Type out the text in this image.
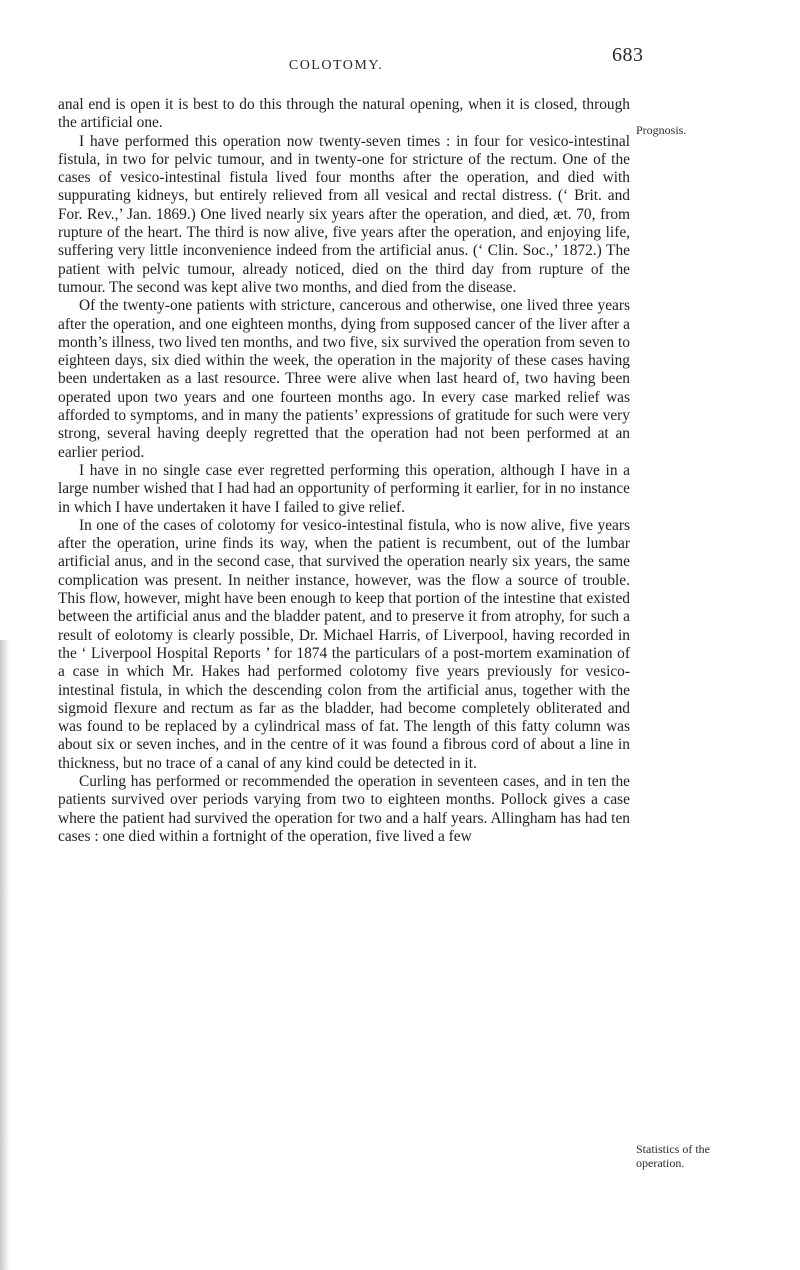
COLOTOMY.	683

anal end is open it is best to do this through the natural opening, when it is closed, through the artificial one.

I have performed this operation now twenty-seven times : in four for vesico-intestinal fistula, in two for pelvic tumour, and in twenty-one for stricture of the rectum. One of the cases of vesico-intestinal fistula lived four months after the operation, and died with suppurating kidneys, but entirely relieved from all vesical and rectal distress. (‘ Brit. and For. Rev.,’ Jan. 1869.) One lived nearly six years after the operation, and died, æt. 70, from rupture of the heart. The third is now alive, five years after the operation, and enjoying life, suffering very little inconvenience indeed from the artificial anus. (‘ Clin. Soc.,’ 1872.) The patient with pelvic tumour, already noticed, died on the third day from rupture of the tumour. The second was kept alive two months, and died from the disease.

Of the twenty-one patients with stricture, cancerous and otherwise, one lived three years after the operation, and one eighteen months, dying from supposed cancer of the liver after a month’s illness, two lived ten months, and two five, six survived the operation from seven to eighteen days, six died within the week, the operation in the majority of these cases having been undertaken as a last resource. Three were alive when last heard of, two having been operated upon two years and one fourteen months ago. In every case marked relief was afforded to symptoms, and in many the patients’ expressions of gratitude for such were very strong, several having deeply regretted that the operation had not been performed at an earlier period.

I have in no single case ever regretted performing this operation, although I have in a large number wished that I had had an opportunity of performing it earlier, for in no instance in which I have undertaken it have I failed to give relief.

In one of the cases of colotomy for vesico-intestinal fistula, who is now alive, five years after the operation, urine finds its way, when the patient is recumbent, out of the lumbar artificial anus, and in the second case, that survived the operation nearly six years, the same complication was present. In neither instance, however, was the flow a source of trouble. This flow, however, might have been enough to keep that portion of the intestine that existed between the artificial anus and the bladder patent, and to preserve it from atrophy, for such a result of eolotomy is clearly possible, Dr. Michael Harris, of Liverpool, having recorded in the ‘ Liverpool Hospital Reports ’ for 1874 the particulars of a post-mortem examination of a case in which Mr. Hakes had performed colotomy five years previously for vesico-intestinal fistula, in which the descending colon from the artificial anus, together with the sigmoid flexure and rectum as far as the bladder, had become completely obliterated and was found to be replaced by a cylindrical mass of fat. The length of this fatty column was about six or seven inches, and in the centre of it was found a fibrous cord of about a line in thickness, but no trace of a canal of any kind could be detected in it.

Curling has performed or recommended the operation in seventeen cases, and in ten the patients survived over periods varying from two to eighteen months. Pollock gives a case where the patient had survived the operation for two and a half years. Allingham has had ten cases : one died within a fortnight of the operation, five lived a few

Prognosis.
Statistics of the operation.
